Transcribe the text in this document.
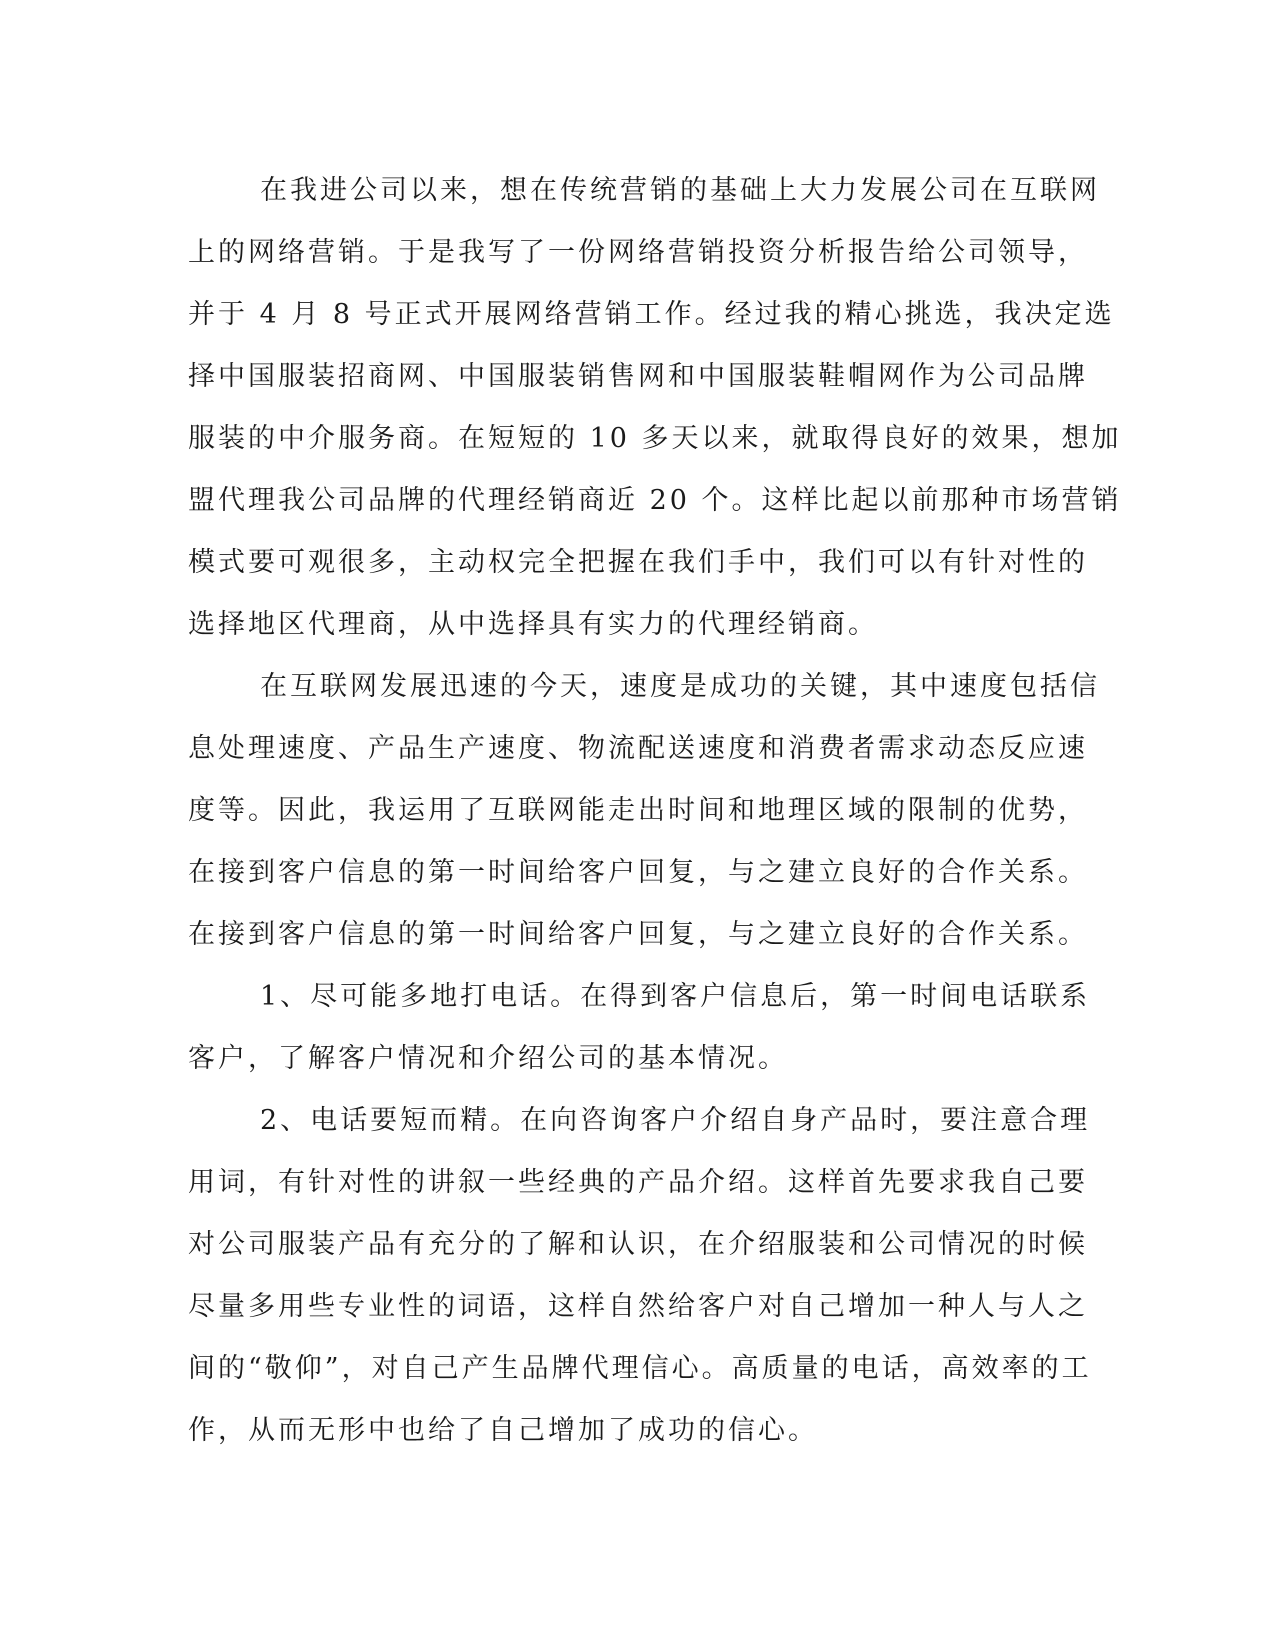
在我进公司以来，想在传统营销的基础上大力发展公司在互联网
上的网络营销。于是我写了一份网络营销投资分析报告给公司领导，
并于 4 月 8 号正式开展网络营销工作。经过我的精心挑选，我决定选
择中国服装招商网、中国服装销售网和中国服装鞋帽网作为公司品牌
服装的中介服务商。在短短的 10 多天以来，就取得良好的效果，想加
盟代理我公司品牌的代理经销商近 20 个。这样比起以前那种市场营销
模式要可观很多，主动权完全把握在我们手中，我们可以有针对性的
选择地区代理商，从中选择具有实力的代理经销商。
在互联网发展迅速的今天，速度是成功的关键，其中速度包括信
息处理速度、产品生产速度、物流配送速度和消费者需求动态反应速
度等。因此，我运用了互联网能走出时间和地理区域的限制的优势，
在接到客户信息的第一时间给客户回复，与之建立良好的合作关系。
在接到客户信息的第一时间给客户回复，与之建立良好的合作关系。
1、尽可能多地打电话。在得到客户信息后，第一时间电话联系
客户，了解客户情况和介绍公司的基本情况。
2、电话要短而精。在向咨询客户介绍自身产品时，要注意合理
用词，有针对性的讲叙一些经典的产品介绍。这样首先要求我自己要
对公司服装产品有充分的了解和认识，在介绍服装和公司情况的时候
尽量多用些专业性的词语，这样自然给客户对自己增加一种人与人之
间的“敬仰”，对自己产生品牌代理信心。高质量的电话，高效率的工
作，从而无形中也给了自己增加了成功的信心。
